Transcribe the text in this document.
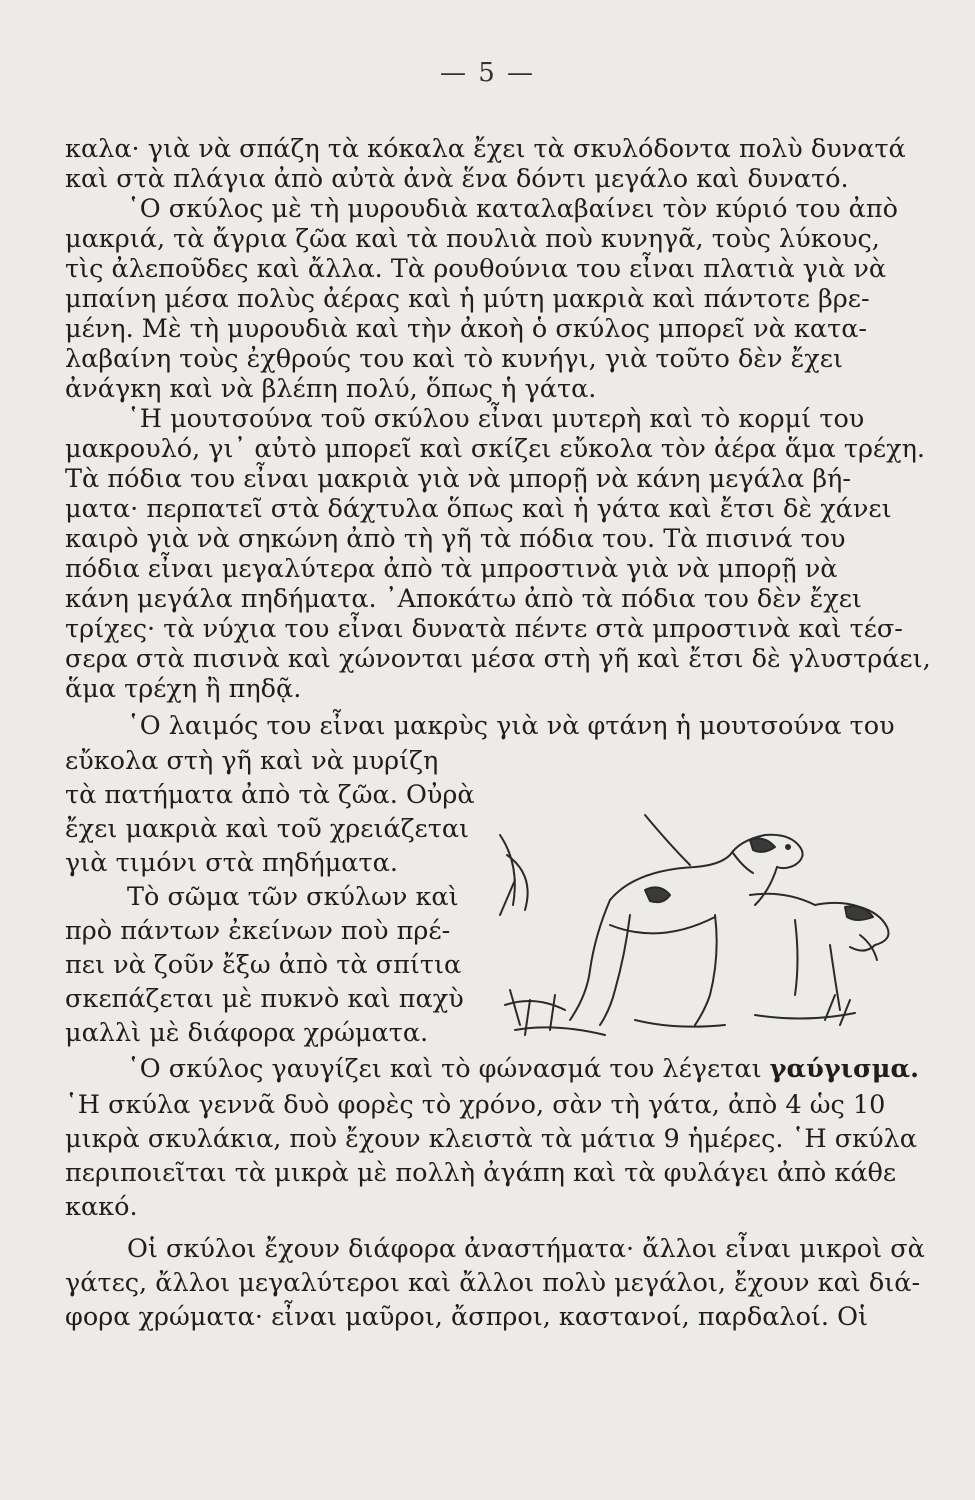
— 5 —
καλα· γιὰ νὰ σπάζη τὰ κόκαλα ἔχει τὰ σκυλόδοντα πολὺ δυνατά
καὶ στὰ πλάγια ἀπὸ αὐτὰ ἀνὰ ἕνα δόντι μεγάλο καὶ δυνατό.
῾Ο σκύλος μὲ τὴ μυρουδιὰ καταλαβαίνει τὸν κύριό του ἀπὸ
μακριά, τὰ ἄγρια ζῶα καὶ τὰ πουλιὰ ποὺ κυνηγᾶ, τοὺς λύκους,
τὶς ἀλεποῦδες καὶ ἄλλα. Τὰ ρουθούνια του εἶναι πλατιὰ γιὰ νὰ
μπαίνη μέσα πολὺς ἀέρας καὶ ἡ μύτη μακριὰ καὶ πάντοτε βρε-
μένη. Μὲ τὴ μυρουδιὰ καὶ τὴν ἀκοὴ ὁ σκύλος μπορεῖ νὰ κατα-
λαβαίνη τοὺς ἐχθρούς του καὶ τὸ κυνήγι, γιὰ τοῦτο δὲν ἔχει
ἀνάγκη καὶ νὰ βλέπη πολύ, ὅπως ἡ γάτα.
῾Η μουτσούνα τοῦ σκύλου εἶναι μυτερὴ καὶ τὸ κορμί του
μακρουλό, γι᾽ αὐτὸ μπορεῖ καὶ σκίζει εὔκολα τὸν ἀέρα ἅμα τρέχη.
Τὰ πόδια του εἶναι μακριὰ γιὰ νὰ μπορῇ νὰ κάνη μεγάλα βή-
ματα· περπατεῖ στὰ δάχτυλα ὅπως καὶ ἡ γάτα καὶ ἔτσι δὲ χάνει
καιρὸ γιὰ νὰ σηκώνη ἀπὸ τὴ γῆ τὰ πόδια του. Τὰ πισινά του
πόδια εἶναι μεγαλύτερα ἀπὸ τὰ μπροστινὰ γιὰ νὰ μπορῇ νὰ
κάνη μεγάλα πηδήματα. ᾿Αποκάτω ἀπὸ τὰ πόδια του δὲν ἔχει
τρίχες· τὰ νύχια του εἶναι δυνατὰ πέντε στὰ μπροστινὰ καὶ τέσ-
σερα στὰ πισινὰ καὶ χώνονται μέσα στὴ γῆ καὶ ἔτσι δὲ γλυστράει,
ἅμα τρέχη ἢ πηδᾷ.
῾Ο λαιμός του εἶναι μακρὺς γιὰ νὰ φτάνη ἡ μουτσούνα του
εὔκολα στὴ γῆ καὶ νὰ μυρίζη
τὰ πατήματα ἀπὸ τὰ ζῶα. Οὐρὰ
ἔχει μακριὰ καὶ τοῦ χρειάζεται
γιὰ τιμόνι στὰ πηδήματα.
Τὸ σῶμα τῶν σκύλων καὶ
πρὸ πάντων ἐκείνων ποὺ πρέ-
πει νὰ ζοῦν ἔξω ἀπὸ τὰ σπίτια
σκεπάζεται μὲ πυκνὸ καὶ παχὺ
μαλλὶ μὲ διάφορα χρώματα.
῾Ο σκύλος γαυγίζει καὶ τὸ φώνασμά του λέγεται γαύγισμα.
῾Η σκύλα γεννᾶ δυὸ φορὲς τὸ χρόνο, σὰν τὴ γάτα, ἀπὸ 4 ὡς 10
μικρὰ σκυλάκια, ποὺ ἔχουν κλειστὰ τὰ μάτια 9 ἡμέρες. ῾Η σκύλα
περιποιεῖται τὰ μικρὰ μὲ πολλὴ ἀγάπη καὶ τὰ φυλάγει ἀπὸ κάθε
κακό.
Οἱ σκύλοι ἔχουν διάφορα ἀναστήματα· ἄλλοι εἶναι μικροὶ σὰ
γάτες, ἄλλοι μεγαλύτεροι καὶ ἄλλοι πολὺ μεγάλοι, ἔχουν καὶ διά-
φορα χρώματα· εἶναι μαῦροι, ἄσπροι, καστανοί, παρδαλοί. Οἱ
